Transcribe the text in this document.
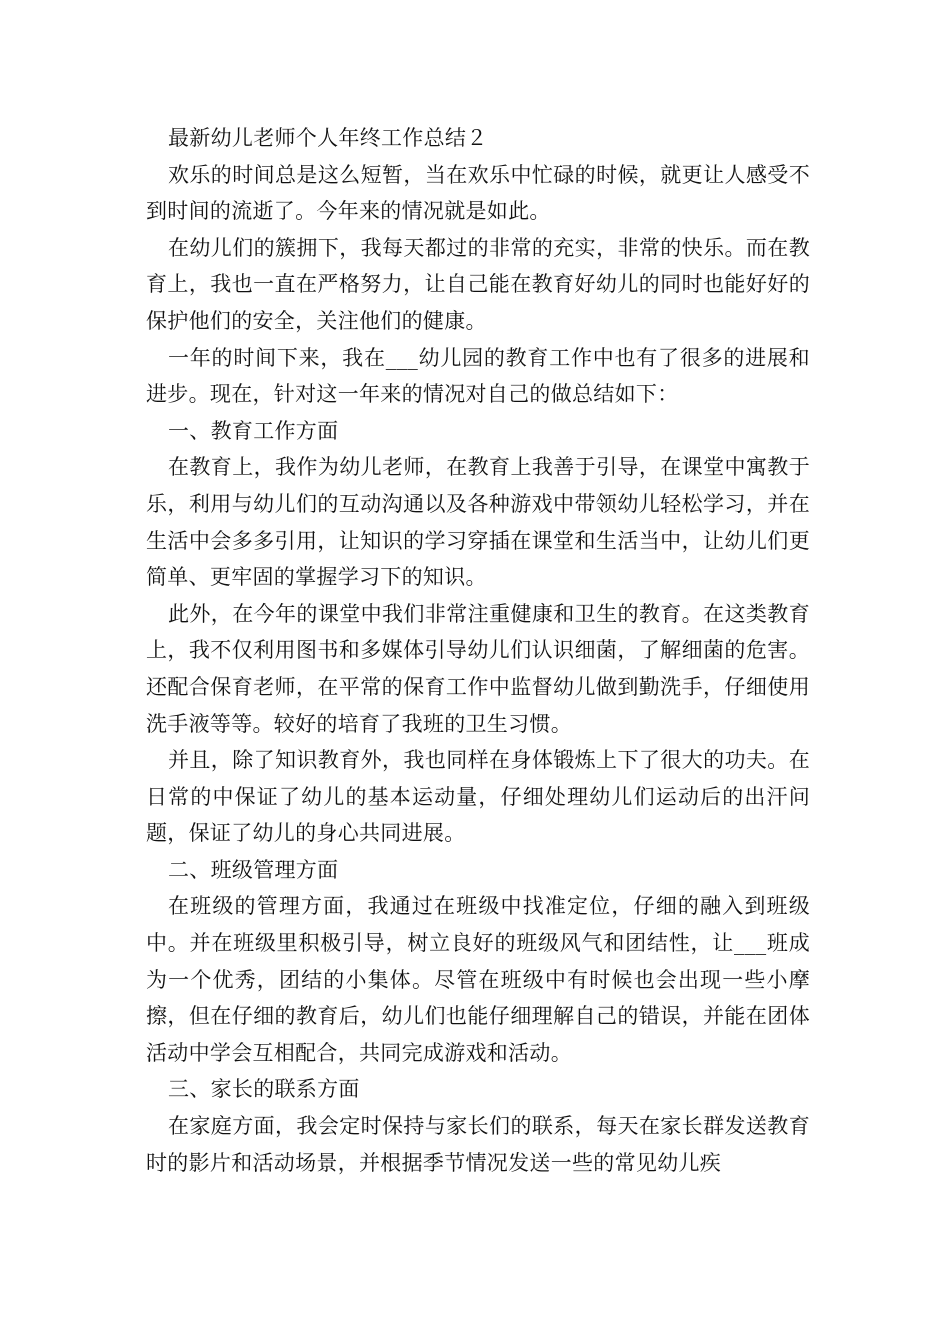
最新幼儿老师个人年终工作总结２

欢乐的时间总是这么短暂，当在欢乐中忙碌的时候，就更让人感受不到时间的流逝了。今年来的情况就是如此。

在幼儿们的簇拥下，我每天都过的非常的充实，非常的快乐。而在教育上，我也一直在严格努力，让自己能在教育好幼儿的同时也能好好的保护他们的安全，关注他们的健康。

一年的时间下来，我在___幼儿园的教育工作中也有了很多的进展和进步。现在，针对这一年来的情况对自己的做总结如下：

一、教育工作方面

在教育上，我作为幼儿老师，在教育上我善于引导，在课堂中寓教于乐，利用与幼儿们的互动沟通以及各种游戏中带领幼儿轻松学习，并在生活中会多多引用，让知识的学习穿插在课堂和生活当中，让幼儿们更简单、更牢固的掌握学习下的知识。

此外，在今年的课堂中我们非常注重健康和卫生的教育。在这类教育上，我不仅利用图书和多媒体引导幼儿们认识细菌，了解细菌的危害。还配合保育老师，在平常的保育工作中监督幼儿做到勤洗手，仔细使用洗手液等等。较好的培育了我班的卫生习惯。

并且，除了知识教育外，我也同样在身体锻炼上下了很大的功夫。在日常的中保证了幼儿的基本运动量，仔细处理幼儿们运动后的出汗问题，保证了幼儿的身心共同进展。

二、班级管理方面

在班级的管理方面，我通过在班级中找准定位，仔细的融入到班级中。并在班级里积极引导，树立良好的班级风气和团结性，让___班成为一个优秀，团结的小集体。尽管在班级中有时候也会出现一些小摩擦，但在仔细的教育后，幼儿们也能仔细理解自己的错误，并能在团体活动中学会互相配合，共同完成游戏和活动。

三、家长的联系方面

在家庭方面，我会定时保持与家长们的联系，每天在家长群发送教育时的影片和活动场景，并根据季节情况发送一些的常见幼儿疾
